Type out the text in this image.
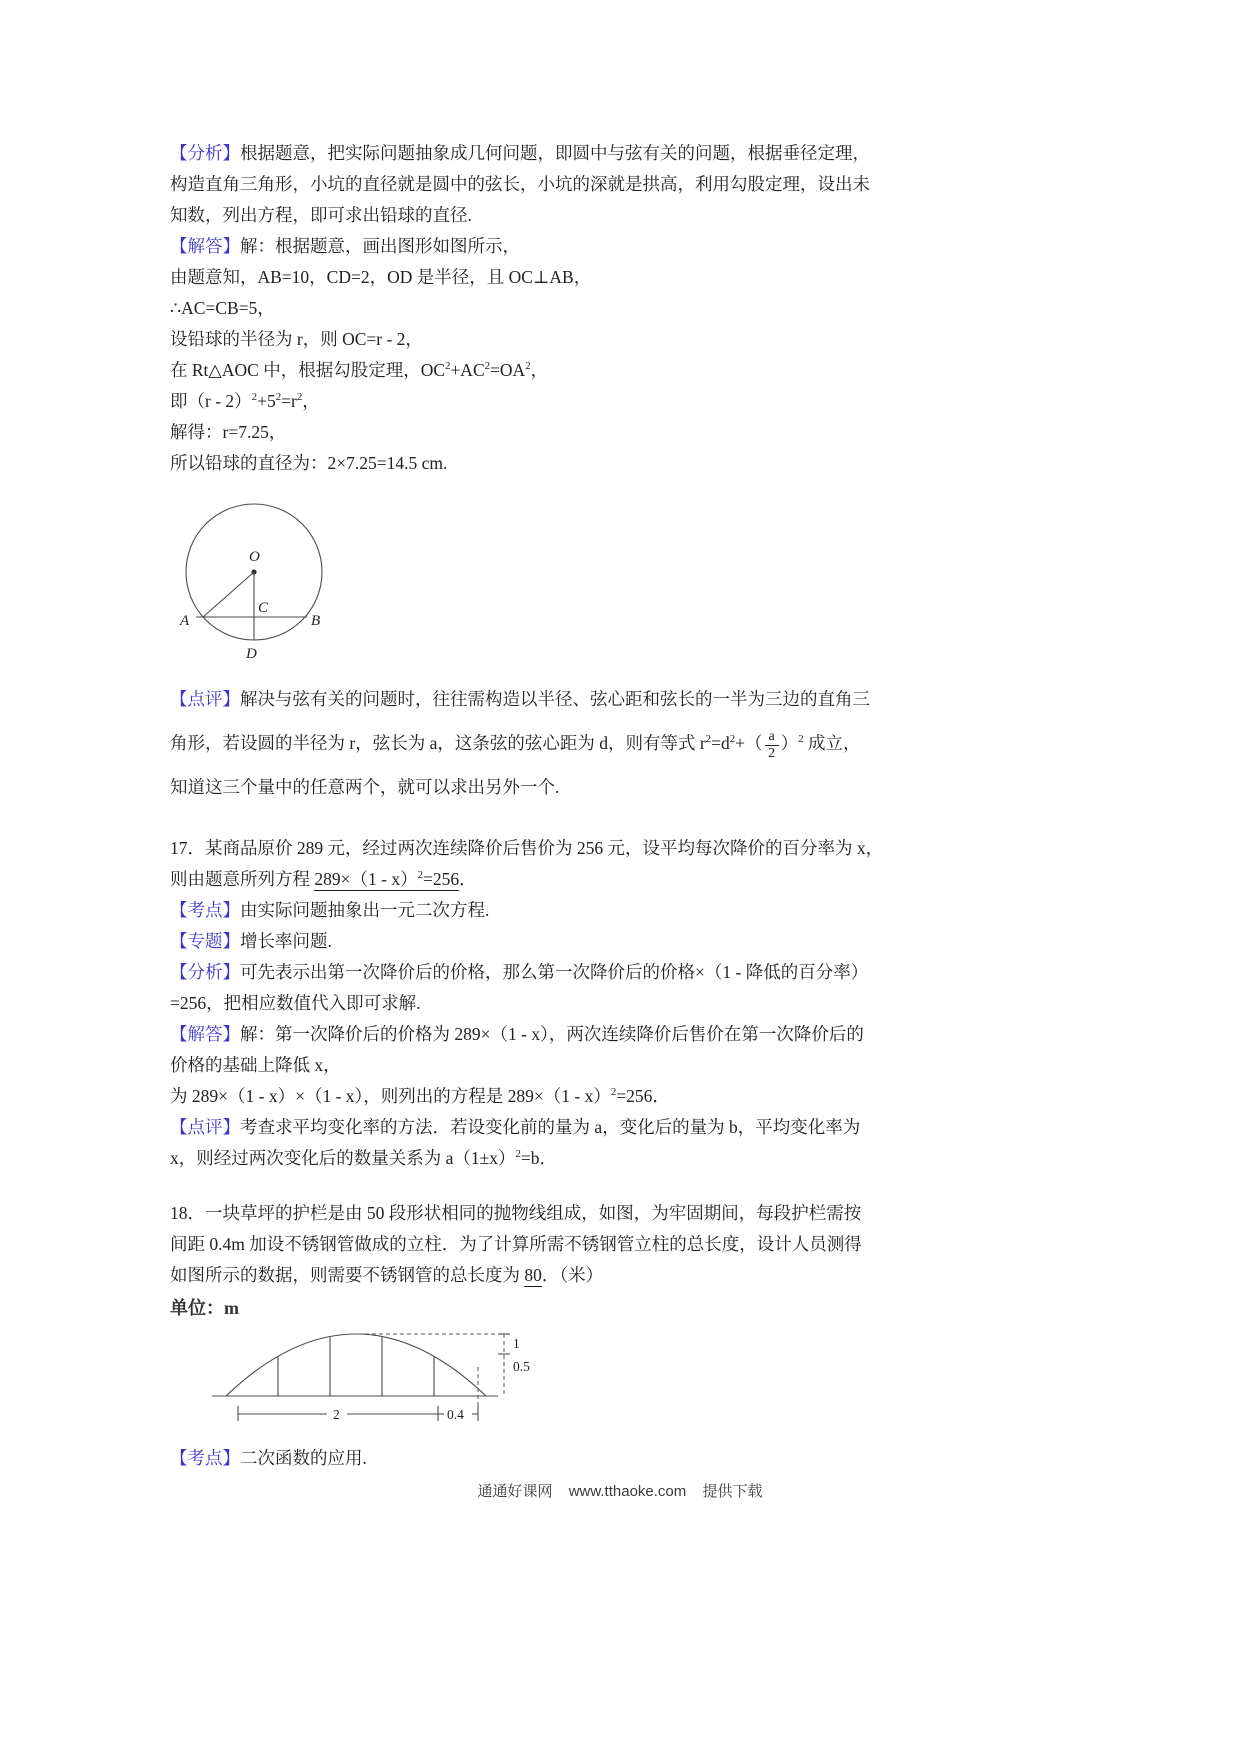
【分析】根据题意，把实际问题抽象成几何问题，即圆中与弦有关的问题，根据垂径定理，
构造直角三角形，小坑的直径就是圆中的弦长，小坑的深就是拱高，利用勾股定理，设出未
知数，列出方程，即可求出铅球的直径.
【解答】解：根据题意，画出图形如图所示，
由题意知，AB=10，CD=2，OD 是半径，且 OC⊥AB，
∴AC=CB=5，
设铅球的半径为 r，则 OC=r - 2，
在 Rt△AOC 中，根据勾股定理，$OC^2+AC^2=OA^2$，
即$(r - 2)^2+5^2=r^2$，
解得：r=7.25，
所以铅球的直径为：2×7.25=14.5 cm.
O
A	B
C
D
【点评】解决与弦有关的问题时，往往需构造以半径、弦心距和弦长的一半为三边的直角三
角形，若设圆的半径为 r，弦长为 a，这条弦的弦心距为 d，则有等式 $r^2=d^2+( \frac{a}{2} )^2$ 成立，
知道这三个量中的任意两个，就可以求出另外一个.
17．某商品原价 289 元，经过两次连续降价后售价为 256 元，设平均每次降价的百分率为 x，
则由题意所列方程 289×（1 - x）$^2$=256．
【考点】由实际问题抽象出一元二次方程.
【专题】增长率问题.
【分析】可先表示出第一次降价后的价格，那么第一次降价后的价格×（1 - 降低的百分率）
=256，把相应数值代入即可求解.
【解答】解：第一次降价后的价格为 289×（1 - x），两次连续降价后售价在第一次降价后的
价格的基础上降低 x，
为 289×（1 - x）×（1 - x），则列出的方程是 289×（1 - x）$^2$=256．
【点评】考查求平均变化率的方法．若设变化前的量为 a，变化后的量为 b，平均变化率为
x，则经过两次变化后的数量关系为 $a(1\pm x)^2=b$．
18．一块草坪的护栏是由 50 段形状相同的抛物线组成，如图，为牢固期间，每段护栏需按
间距 0.4m 加设不锈钢管做成的立柱．为了计算所需不锈钢管立柱的总长度，设计人员测得
如图所示的数据，则需要不锈钢管的总长度为 80．（米）
单位：m
1
0.5
2	0.4
【考点】二次函数的应用.
通通好课网 www.tthaoke.com 提供下载
